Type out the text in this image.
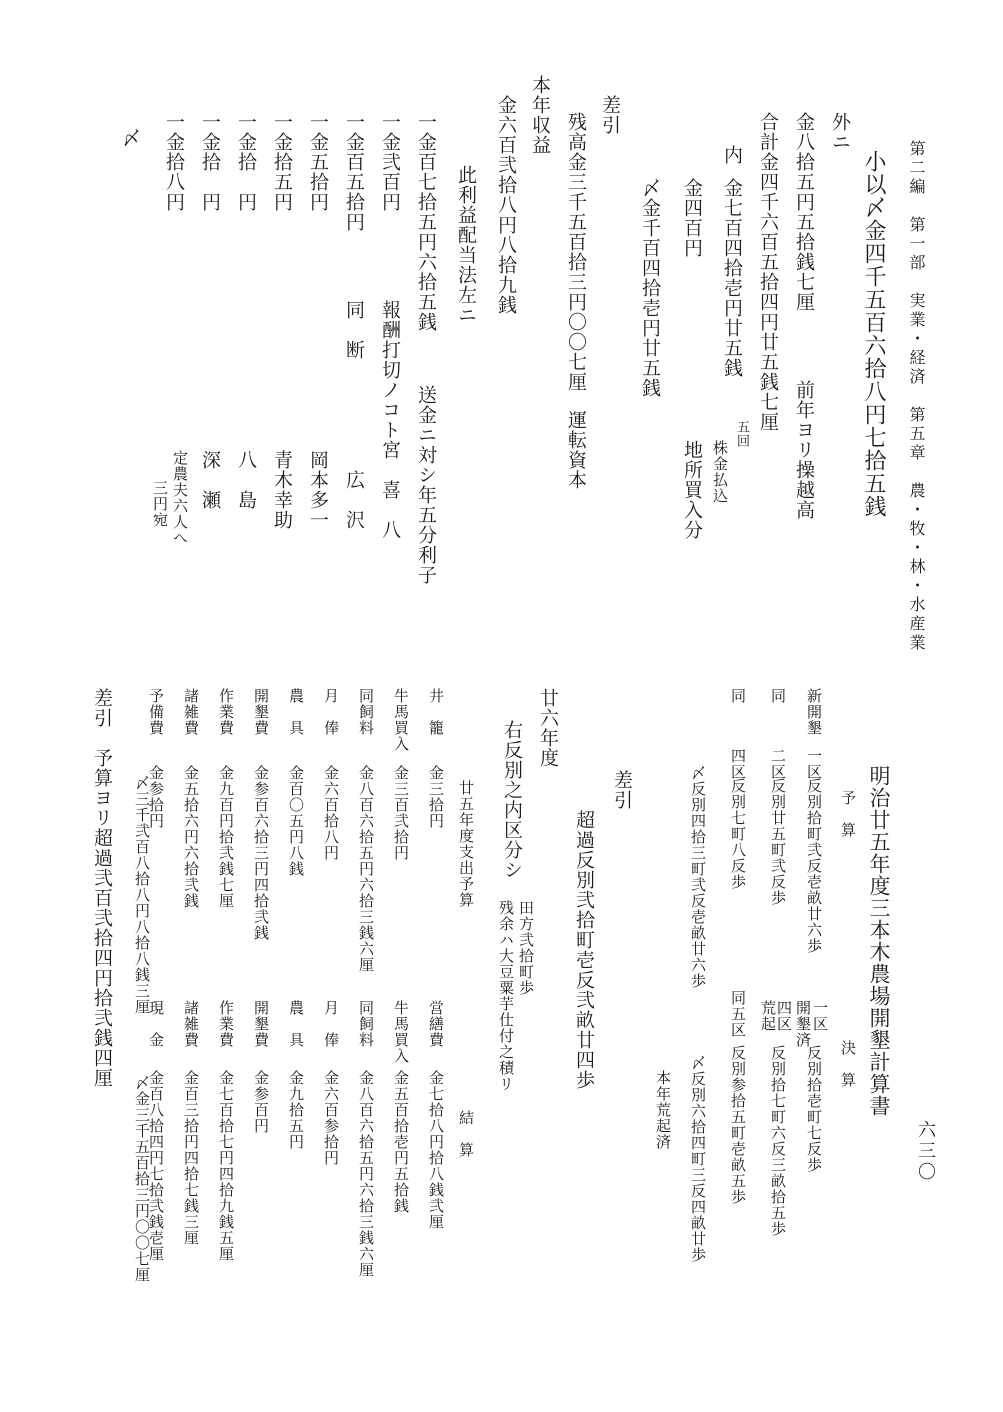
第二編　第一部　実業・経済　第五章　農・牧・林・水産業
六三〇
小以〆金四千五百六拾八円七拾五銭
外ニ
金八拾五円五拾銭七厘
前年ヨリ操越高
合計金四千六百五拾四円廿五銭七厘
内
金七百四拾壱円廿五銭
五回
株金払込
金四百円
地所買入分
〆金千百四拾壱円廿五銭
差引
残高金三千五百拾三円〇〇七厘
運転資本
本年収益
金六百弐拾八円八拾九銭
此利益配当法左ニ
一金百七拾五円六拾五銭
送金ニ対シ年五分利子
一金弐百円
報酬打切ノコト
宮　喜　八
一金百五拾円
同　断
広　沢
一金五拾円
岡本多一
一金拾五円
青木幸助
一金拾　円
八　島
一金拾　円
深　瀬
一金拾八円
定農夫六人へ
三円宛
〆
明治廿五年度三本木農場開墾計算書
予　算
決　算
新開墾
一区
反別拾町弐反壱畝廿六歩
一区
開墾済
反別拾壱町七反歩
同
二区
反別廿五町弐反歩
四区
荒起
反別拾七町六反三畝拾五歩
同
四区
反別七町八反歩
同五区
反別参拾五町壱畝五歩
〆反別四拾三町弐反壱畝廿六歩
〆反別六拾四町三反四畝廿歩
差引
本年荒起済
超過反別弐拾町壱反弐畝廿四歩
廿六年度
右反別之内区分シ
田方弐拾町歩
残余ハ大豆粟芋仕付之積リ
廿五年度支出予算
結　算
井　籠
金三拾円
営繕費
金七拾八円拾八銭弐厘
牛馬買入
金三百弐拾円
牛馬買入
金五百拾壱円五拾銭
同飼料
金八百六拾五円六拾三銭六厘
同飼料
金八百六拾五円六拾三銭六厘
月　俸
金六百拾八円
月　俸
金六百参拾円
農　具
金百〇五円八銭
農　具
金九拾五円
開墾費
金参百六拾三円四拾弐銭
開墾費
金参百円
作業費
金九百円拾弐銭七厘
作業費
金七百拾七円四拾九銭五厘
諸雑費
金五拾六円六拾弐銭
諸雑費
金百三拾円四拾七銭三厘
予備費
金参拾円
現　金
金百八拾四円七拾弐銭壱厘
〆三千弐百八拾八円八拾八銭三厘
〆金三千五百拾三円〇〇七厘
差引　予算ヨリ超過弐百弐拾四円拾弐銭四厘
